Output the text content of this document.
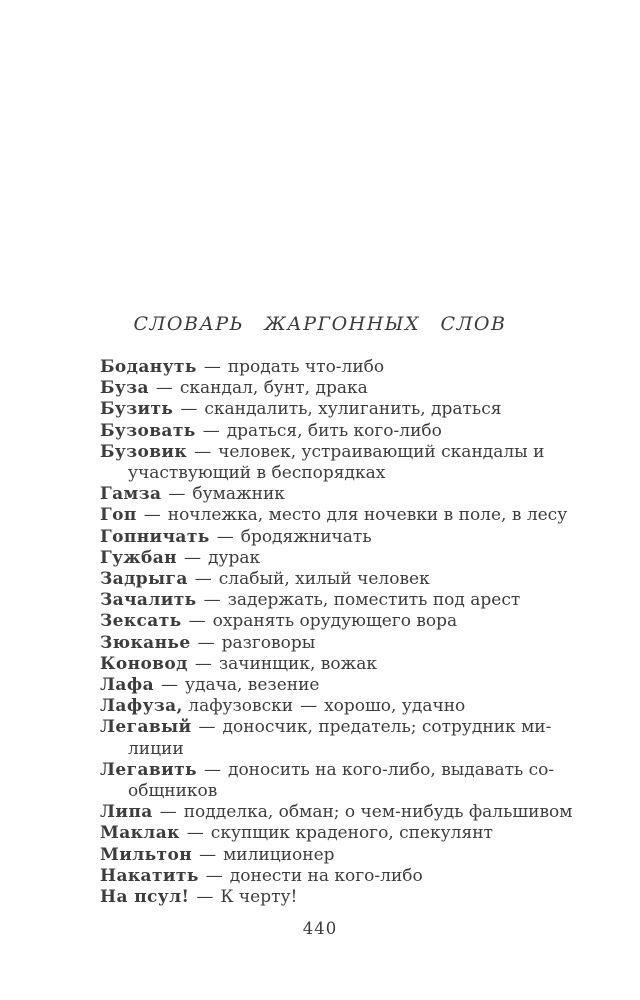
СЛОВАРЬ ЖАРГОННЫХ СЛОВ
Бодануть — продать что-либо
Буза — скандал, бунт, драка
Бузить — скандалить, хулиганить, драться
Бузовать — драться, бить кого-либо
Бузовик — человек, устраивающий скандалы и
участвующий в беспорядках
Гамза — бумажник
Гоп — ночлежка, место для ночевки в поле, в лесу
Гопничать — бродяжничать
Гужбан — дурак
Задрыга — слабый, хилый человек
Зачалить — задержать, поместить под арест
Зексать — охранять орудующего вора
Зюканье — разговоры
Коновод — зачинщик, вожак
Лафа — удача, везение
Лафуза, лафузовски — хорошо, удачно
Легавый — доносчик, предатель; сотрудник ми-
лиции
Легавить — доносить на кого-либо, выдавать со-
общников
Липа — подделка, обман; о чем-нибудь фальшивом
Маклак — скупщик краденого, спекулянт
Мильтон — милиционер
Накатить — донести на кого-либо
На псул! — К черту!
440
